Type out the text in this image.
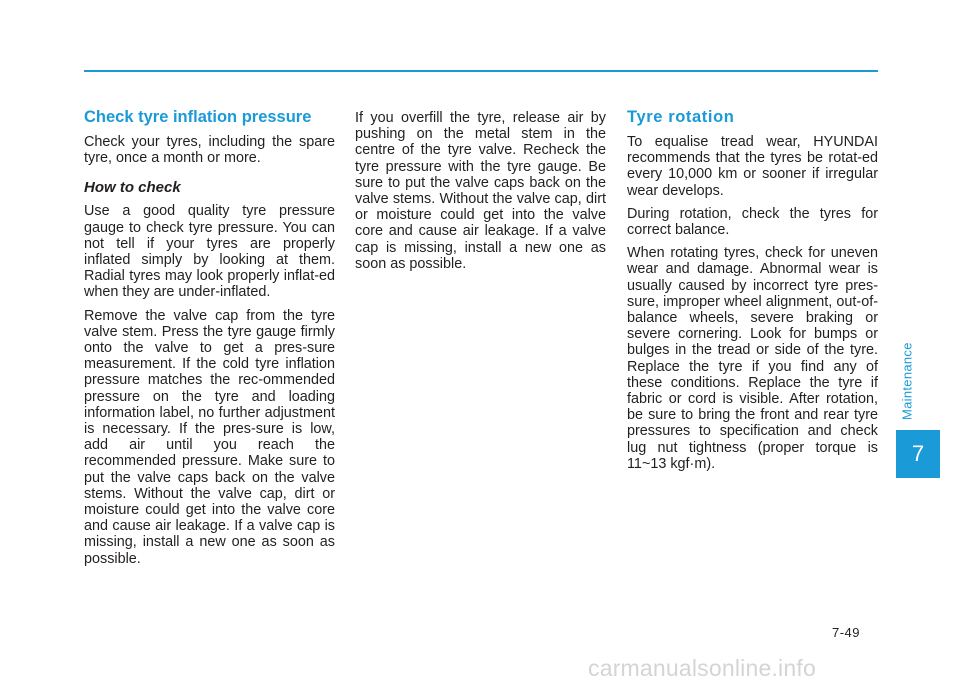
Check tyre inflation pressure

Check your tyres, including the spare tyre, once a month or more.

How to check

Use a good quality tyre pressure gauge to check tyre pressure. You can not tell if your tyres are properly inflated simply by looking at them. Radial tyres may look properly inflat-ed when they are under-inflated.

Remove the valve cap from the tyre valve stem. Press the tyre gauge firmly onto the valve to get a pres-sure measurement. If the cold tyre inflation pressure matches the rec-ommended pressure on the tyre and loading information label, no further adjustment is necessary. If the pres-sure is low, add air until you reach the recommended pressure. Make sure to put the valve caps back on the valve stems. Without the valve cap, dirt or moisture could get into the valve core and cause air leakage. If a valve cap is missing, install a new one as soon as possible.

If you overfill the tyre, release air by pushing on the metal stem in the centre of the tyre valve. Recheck the tyre pressure with the tyre gauge. Be sure to put the valve caps back on the valve stems. Without the valve cap, dirt or moisture could get into the valve core and cause air leakage. If a valve cap is missing, install a new one as soon as possible.

Tyre rotation

To equalise tread wear, HYUNDAI recommends that the tyres be rotat-ed every 10,000 km or sooner if irregular wear develops.

During rotation, check the tyres for correct balance.

When rotating tyres, check for uneven wear and damage. Abnormal wear is usually caused by incorrect tyre pres-sure, improper wheel alignment, out-of-balance wheels, severe braking or severe cornering. Look for bumps or bulges in the tread or side of the tyre. Replace the tyre if you find any of these conditions. Replace the tyre if fabric or cord is visible. After rotation, be sure to bring the front and rear tyre pressures to specification and check lug nut tightness (proper torque is 11~13 kgf·m).

Maintenance
7
7-49
carmanualsonline.info
